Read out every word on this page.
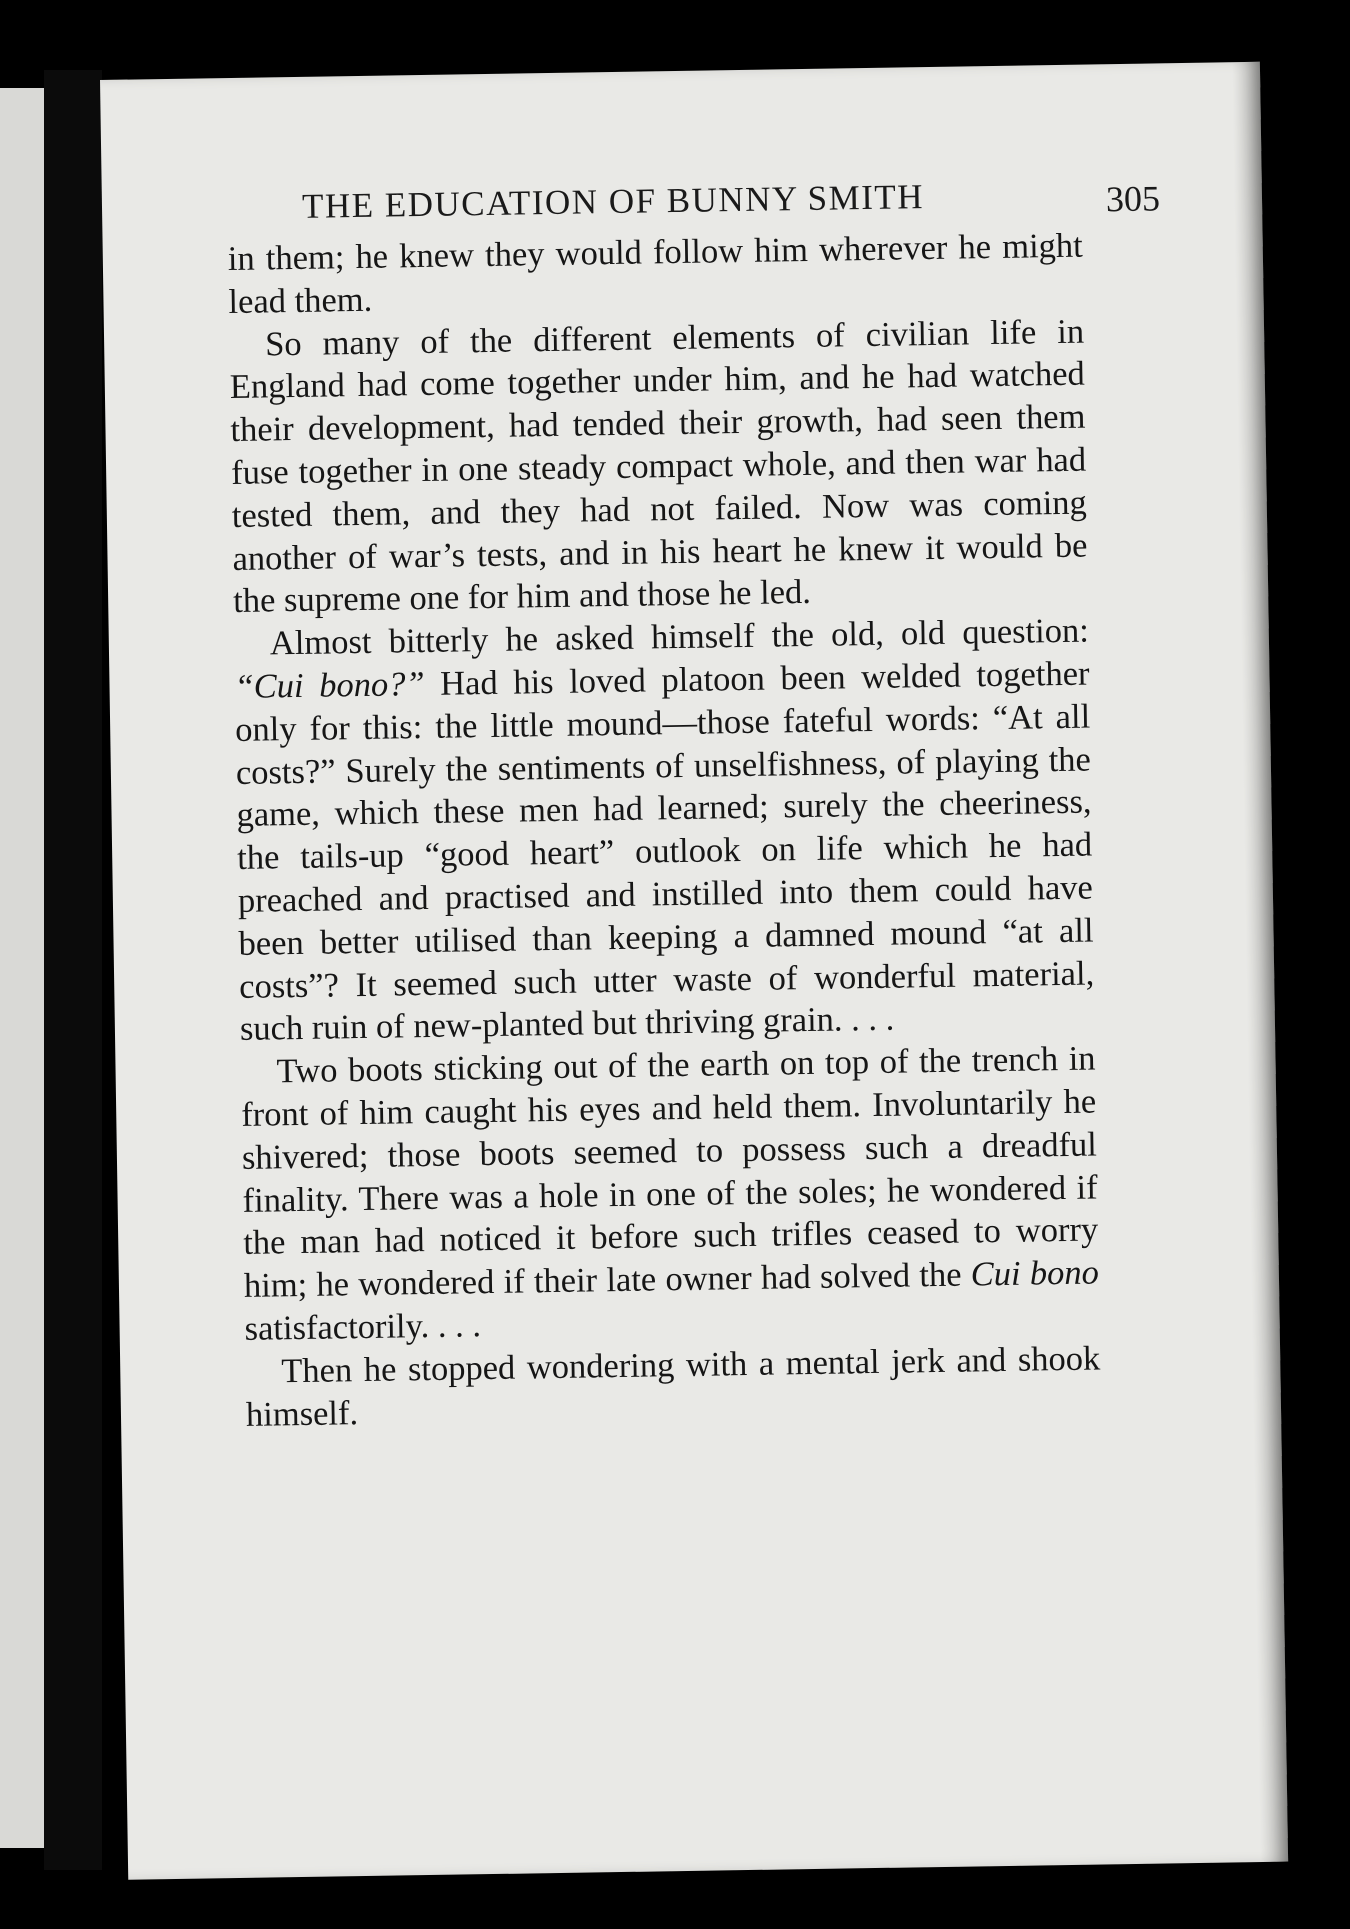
THE EDUCATION OF BUNNY SMITH	305

in them; he knew they would follow him wherever he might lead them.

So many of the different elements of civilian life in England had come together under him, and he had watched their development, had tended their growth, had seen them fuse together in one steady compact whole, and then war had tested them, and they had not failed. Now was coming another of war’s tests, and in his heart he knew it would be the supreme one for him and those he led.

Almost bitterly he asked himself the old, old question: “Cui bono?” Had his loved platoon been welded together only for this: the little mound—those fateful words: “At all costs?” Surely the sentiments of unselfishness, of playing the game, which these men had learned; surely the cheeriness, the tails-up “good heart” outlook on life which he had preached and practised and instilled into them could have been better utilised than keeping a damned mound “at all costs”? It seemed such utter waste of wonderful material, such ruin of new-planted but thriving grain. . . .

Two boots sticking out of the earth on top of the trench in front of him caught his eyes and held them. Involuntarily he shivered; those boots seemed to possess such a dreadful finality. There was a hole in one of the soles; he wondered if the man had noticed it before such trifles ceased to worry him; he wondered if their late owner had solved the Cui bono satisfactorily. . . .

Then he stopped wondering with a mental jerk and shook himself.
